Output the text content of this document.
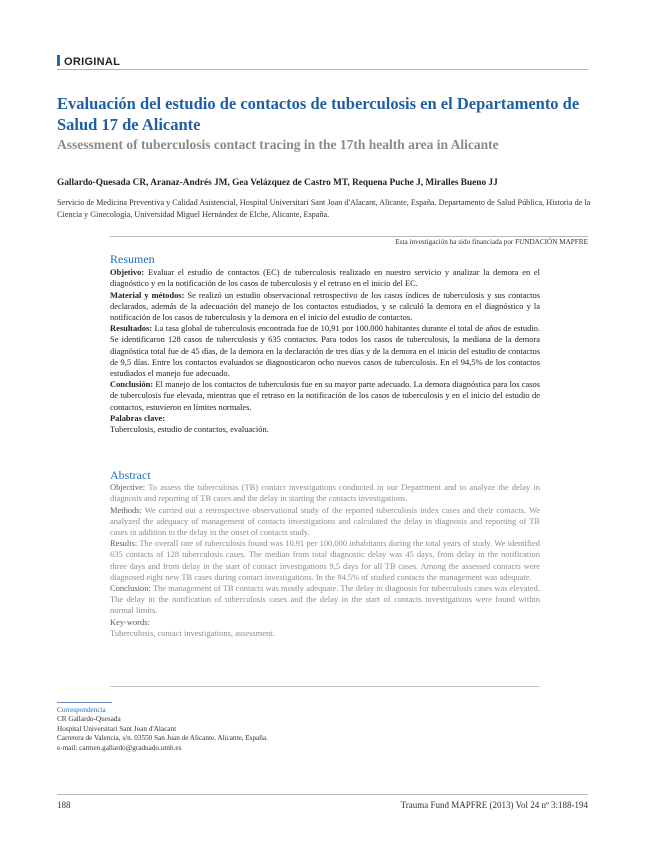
ORIGINAL
Evaluación del estudio de contactos de tuberculosis en el Departamento de Salud 17 de Alicante
Assessment of tuberculosis contact tracing in the 17th health area in Alicante
Gallardo-Quesada CR, Aranaz-Andrés JM, Gea Velázquez de Castro MT, Requena Puche J, Miralles Bueno JJ
Servicio de Medicina Preventiva y Calidad Asistencial, Hospital Universitari Sant Joan d'Alacant, Alicante, España. Departamento de Salud Pública, Historia de la Ciencia y Ginecología, Universidad Miguel Hernández de Elche, Alicante, España.
Esta investigación ha sido financiada por FUNDACIÓN MAPFRE
Resumen

Objetivo: Evaluar el estudio de contactos (EC) de tuberculosis realizado en nuestro servicio y analizar la demora en el diagnóstico y en la notificación de los casos de tuberculosis y el retraso en el inicio del EC.

Material y métodos: Se realizó un estudio observacional retrospectivo de los casos índices de tuberculosis y sus contactos declarados, además de la adecuación del manejo de los contactos estudiados, y se calculó la demora en el diagnóstico y la notificación de los casos de tuberculosis y la demora en el inicio del estudio de contactos.

Resultados: La tasa global de tuberculosis encontrada fue de 10,91 por 100.000 habitantes durante el total de años de estudio. Se identificaron 128 casos de tuberculosis y 635 contactos. Para todos los casos de tuberculosis, la mediana de la demora diagnóstica total fue de 45 días, de la demora en la declaración de tres días y de la demora en el inicio del estudio de contactos de 9,5 días. Entre los contactos evaluados se diagnosticaron ocho nuevos casos de tuberculosis. En el 94,5% de los contactos estudiados el manejo fue adecuado.

Conclusión: El manejo de los contactos de tuberculosis fue en su mayor parte adecuado. La demora diagnóstica para los casos de tuberculosis fue elevada, mientras que el retraso en la notificación de los casos de tuberculosis y en el inicio del estudio de contactos, estuvieron en límites normales.

Palabras clave:

Tuberculosis, estudio de contactos, evaluación.

Abstract

Objective: To assess the tuberculosis (TB) contact investigations conducted in our Department and to analyze the delay in diagnosis and reporting of TB cases and the delay in starting the contacts investigations.

Methods: We carried out a retrospective observational study of the reported tuberculosis index cases and their contacts. We analyzed the adequacy of management of contacts investigations and calculated the delay in diagnosis and reporting of TB cases in addition to the delay in the onset of contacts study.

Results: The overall rate of tuberculosis found was 10.91 per 100,000 inhabitants during the total years of study. We identified 635 contacts of 128 tuberculosis cases. The median from total diagnostic delay was 45 days, from delay in the notification three days and from delay in the start of contact investigations 9,5 days for all TB cases. Among the assessed contacts were diagnosed eight new TB cases during contact investigations. In the 94.5% of studied contacts the management was adequate.

Conclusion: The management of TB contacts was mostly adequate. The delay in diagnosis for tuberculosis cases was elevated. The delay in the notification of tuberculosis cases and the delay in the start of contacts investigations were found within normal limits.

Key-words:

Tuberculosis, contact investigations, assessment.

Correspondencia
CR Gallardo-Quesada
Hospital Universitari Sant Joan d'Alacant
Carretera de Valencia, s/n. 03550 San Juan de Alicante, Alicante, España.
e-mail: carmen.gallardo@graduado.umh.es
188	Trauma Fund MAPFRE (2013) Vol 24 nº 3:188-194
